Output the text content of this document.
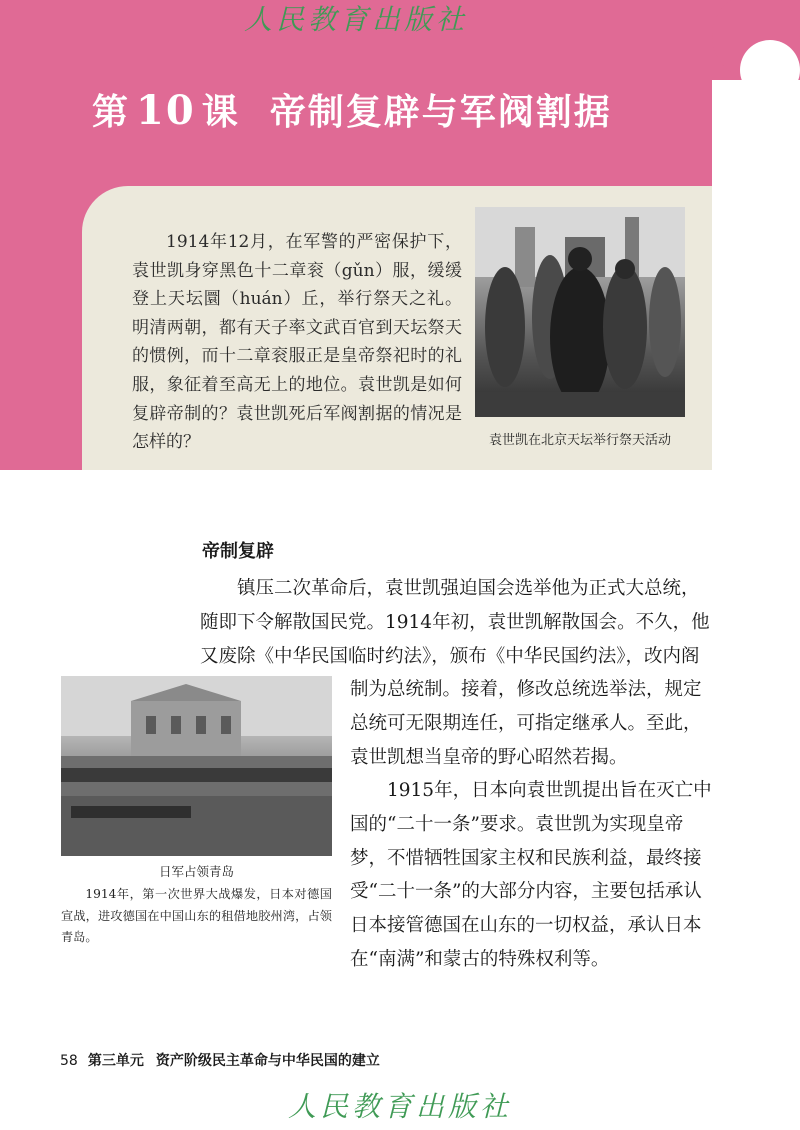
人民教育出版社
第 10 课 帝制复辟与军阀割据
1914年12月，在军警的严密保护下，袁世凯身穿黑色十二章衮（gǔn）服，缓缓登上天坛圜（huán）丘，举行祭天之礼。明清两朝，都有天子率文武百官到天坛祭天的惯例，而十二章衮服正是皇帝祭祀时的礼服，象征着至高无上的地位。袁世凯是如何复辟帝制的？袁世凯死后军阀割据的情况是怎样的？	袁世凯在北京天坛举行祭天活动
帝制复辟
镇压二次革命后，袁世凯强迫国会选举他为正式大总统，随即下令解散国民党。1914年初，袁世凯解散国会。不久，他又废除《中华民国临时约法》，颁布《中华民国约法》，改内阁
制为总统制。接着，修改总统选举法，规定总统可无限期连任，可指定继承人。至此，袁世凯想当皇帝的野心昭然若揭。
1915年，日本向袁世凯提出旨在灭亡中国的“二十一条”要求。袁世凯为实现皇帝梦，不惜牺牲国家主权和民族利益，最终接受“二十一条”的大部分内容，主要包括承认日本接管德国在山东的一切权益，承认日本在“南满”和蒙古的特殊权利等。
日军占领青岛
1914年，第一次世界大战爆发，日本对德国宣战，进攻德国在中国山东的租借地胶州湾，占领青岛。
58 第三单元 资产阶级民主革命与中华民国的建立
人民教育出版社
